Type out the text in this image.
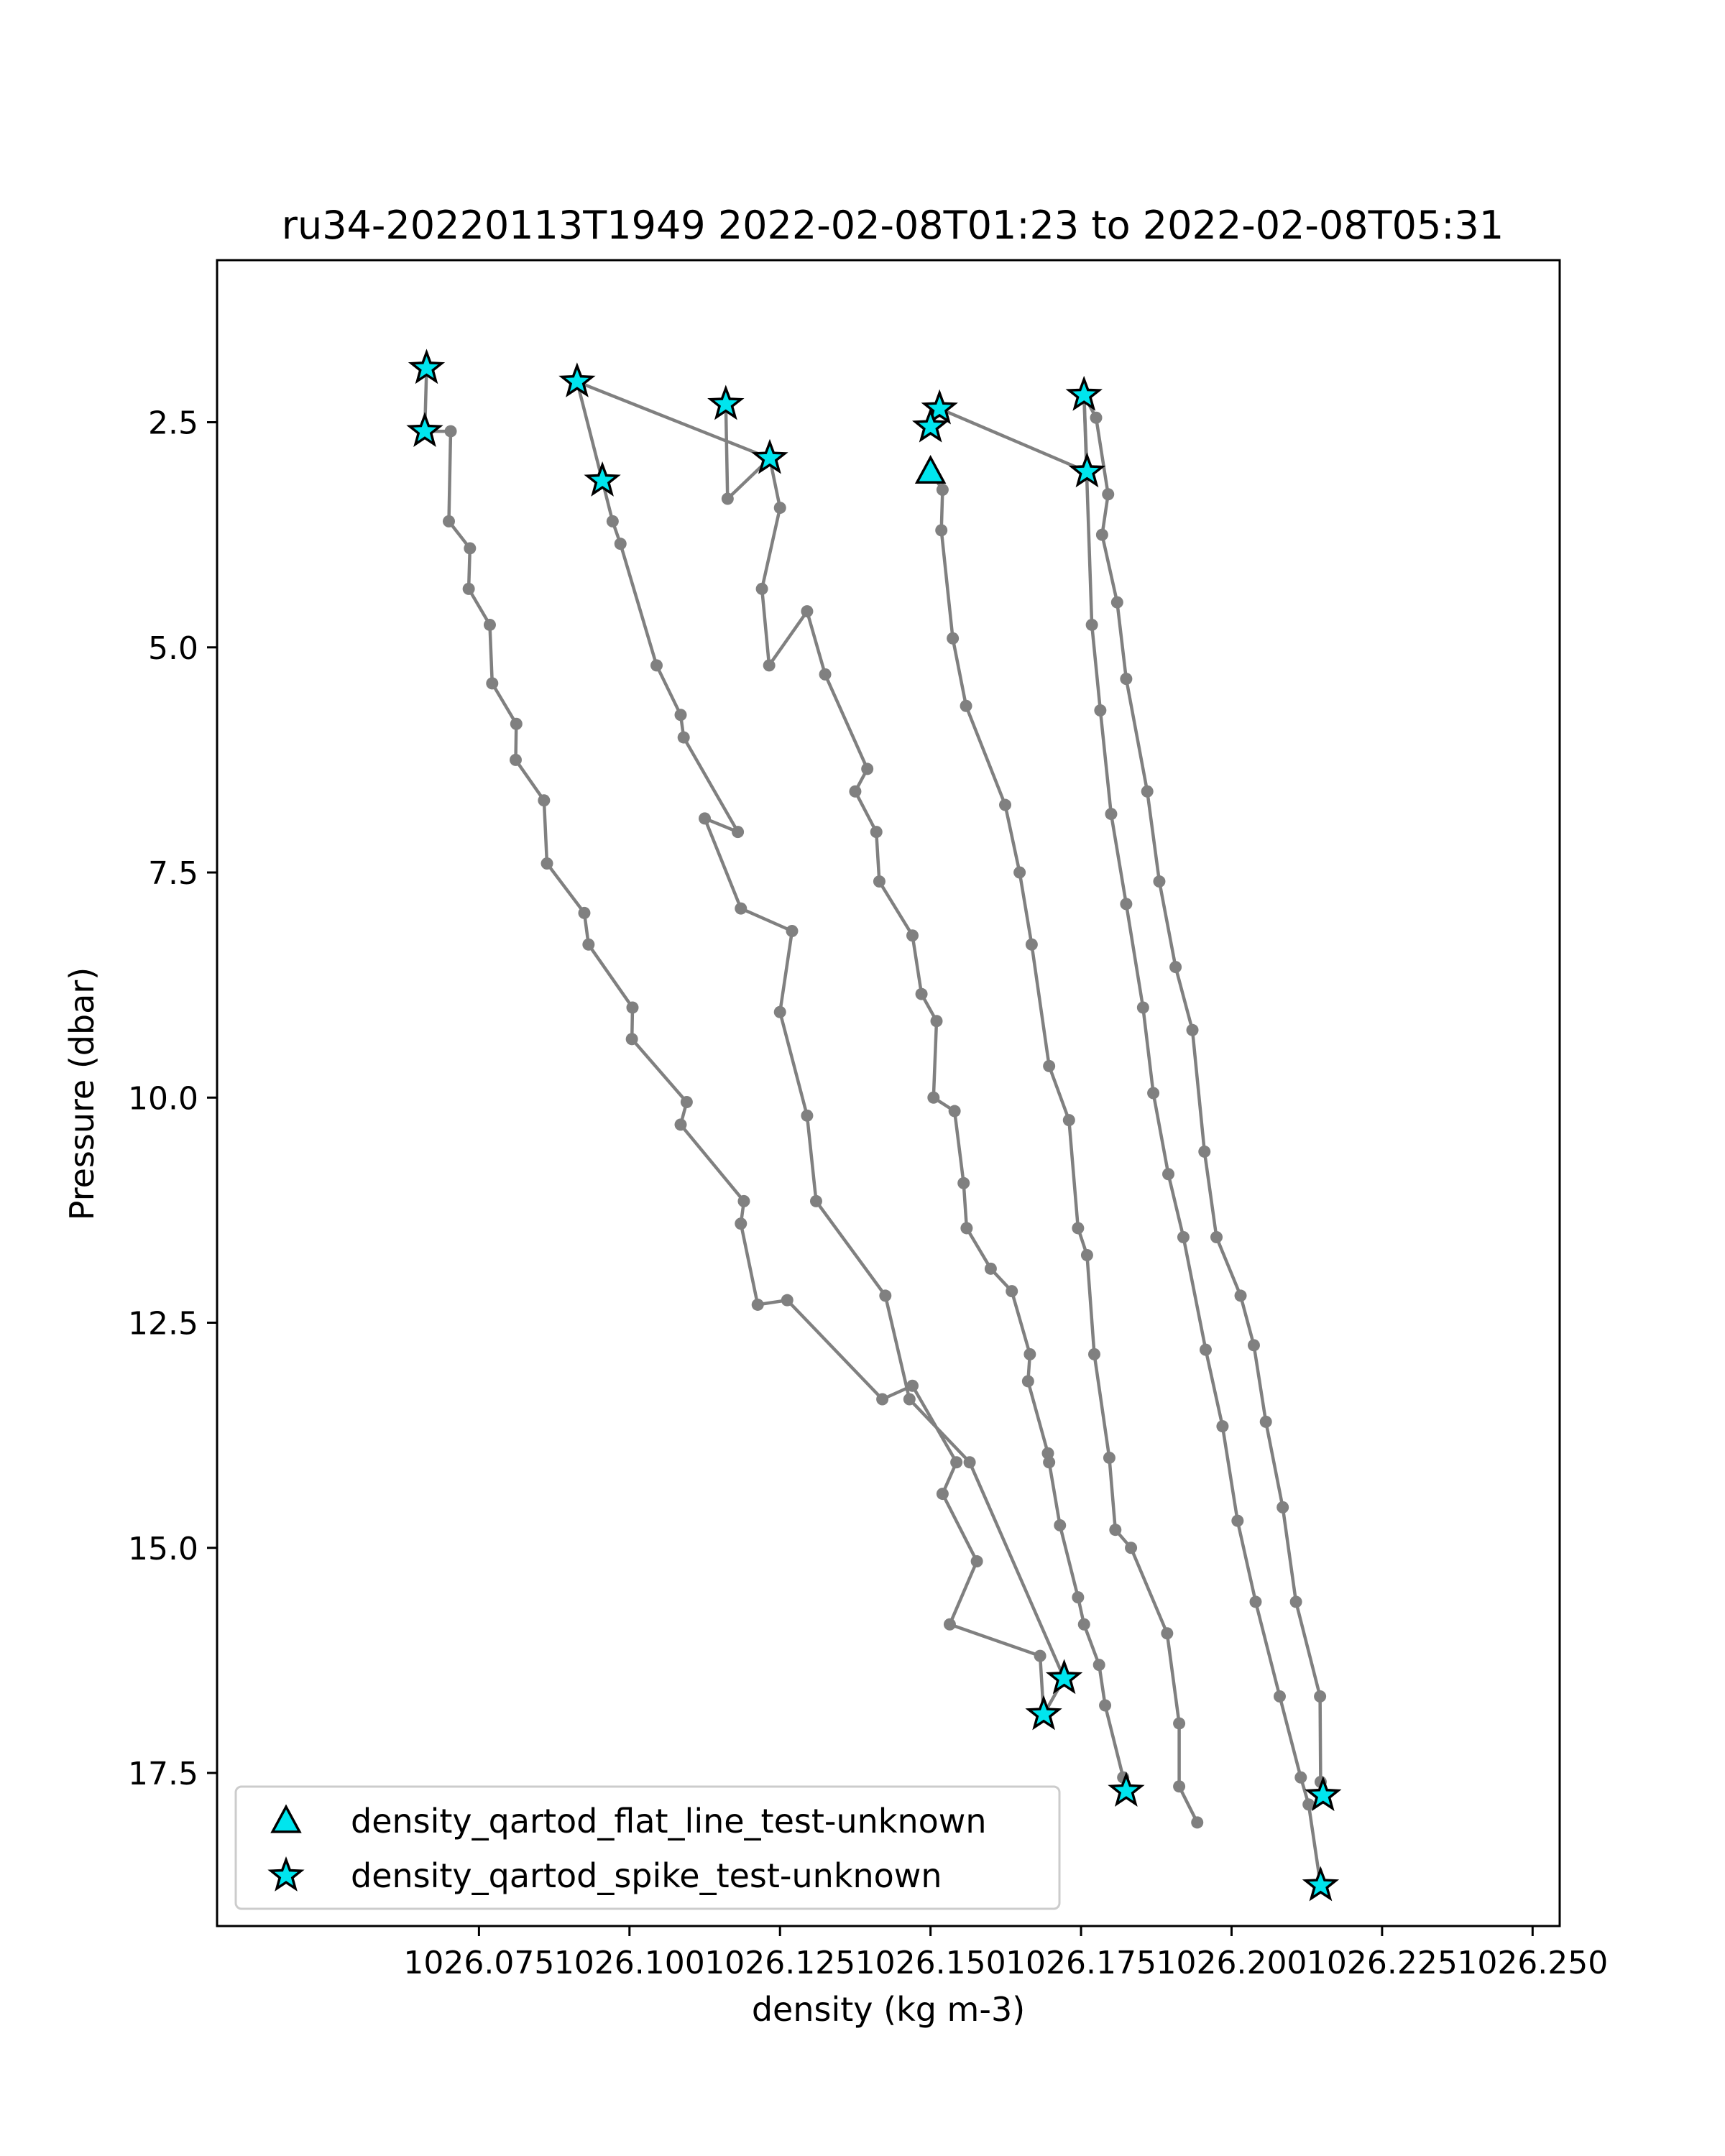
ru34-20220113T1949 2022-02-08T01:23 to 2022-02-08T05:31
1026.075 1026.100 1026.125 1026.150 1026.175 1026.200 1026.225 1026.250
2.5
5.0
7.5
10.0
12.5
15.0
17.5
density (kg m-3)
Pressure (dbar)
density_qartod_flat_line_test-unknown
density_qartod_spike_test-unknown
